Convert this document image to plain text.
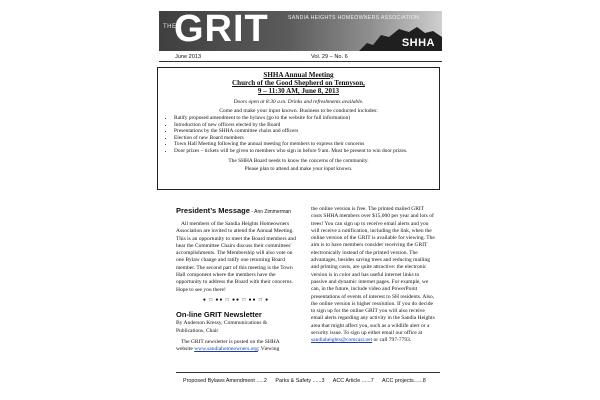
THE
GRIT	SANDIA HEIGHTS HOMEOWNERS ASSOCIATION
SHHA
June 2013	Vol. 29 – No. 6
SHHA Annual Meeting
Church of the Good Shepherd on Tennyson,
9 – 11:30 AM, June 8, 2013
Doors open at 8:30 a.m. Drinks and refreshments available.
Come and make your input known. Business to be conducted includes:
• Ratify proposed amendment to the bylaws (go to the website for full information)
• Introduction of new officers elected by the Board
• Presentations by the SHHA committee chairs and officers
• Election of new Board members
• Town Hall Meeting following the annual meeting for members to express their concerns
• Door prizes – tickets will be given to members who sign in before 9 am. Must be present to win door prizes.
The SHHA Board needs to know the concerns of the community.
Please plan to attend and make your input known.
President’s Message - Ann Zimmerman

All members of the Sandia Heights Homeowners Association are invited to attend the Annual Meeting. This is an opportunity to meet the Board members and hear the Committee Chairs discuss their committees' accomplishments. The Membership will also vote on one Bylaw change and ratify one returning Board member. The second part of this meeting is the Town Hall component where the members have the opportunity to address the Board with their concerns. Hope to see you there!

● □ ●● □ ●● □ ●● □ ●
On-line GRIT Newsletter

By Anderson Kressy, Communications & Publications, Chair

The GRIT newsletter is posted on the SHHA website www.sandiahomeowners.org; Viewing

the online version is free. The printed mailed GRIT costs SHHA members over $15,000 per year and lots of trees! You can sign up to receive email alerts and you will receive a notification, including the link, when the online version of the GRIT is available for viewing. The aim is to have members consider receiving the GRIT electronically instead of the printed version. The advantages, besides saving trees and reducing mailing and printing costs, are quite attractive: the electronic version is in color and has useful internet links to passive and dynamic internet pages. For example, we can, in the future, include video and PowerPoint presentations of events of interest to SH residents. Also, the online version is higher resolution. If you do decide to sign up for the online GRIT you will also receive email alerts regarding any activity in the Sandia Heights area that might affect you, such as a wildlife alert or a security issue. To sign up either email our office at sandiaheights@comcast.net or call 797-7793.

Proposed Bylaws Amendment .....2 Parks & Safety ......3 ACC Article ......7 ACC projects......8
